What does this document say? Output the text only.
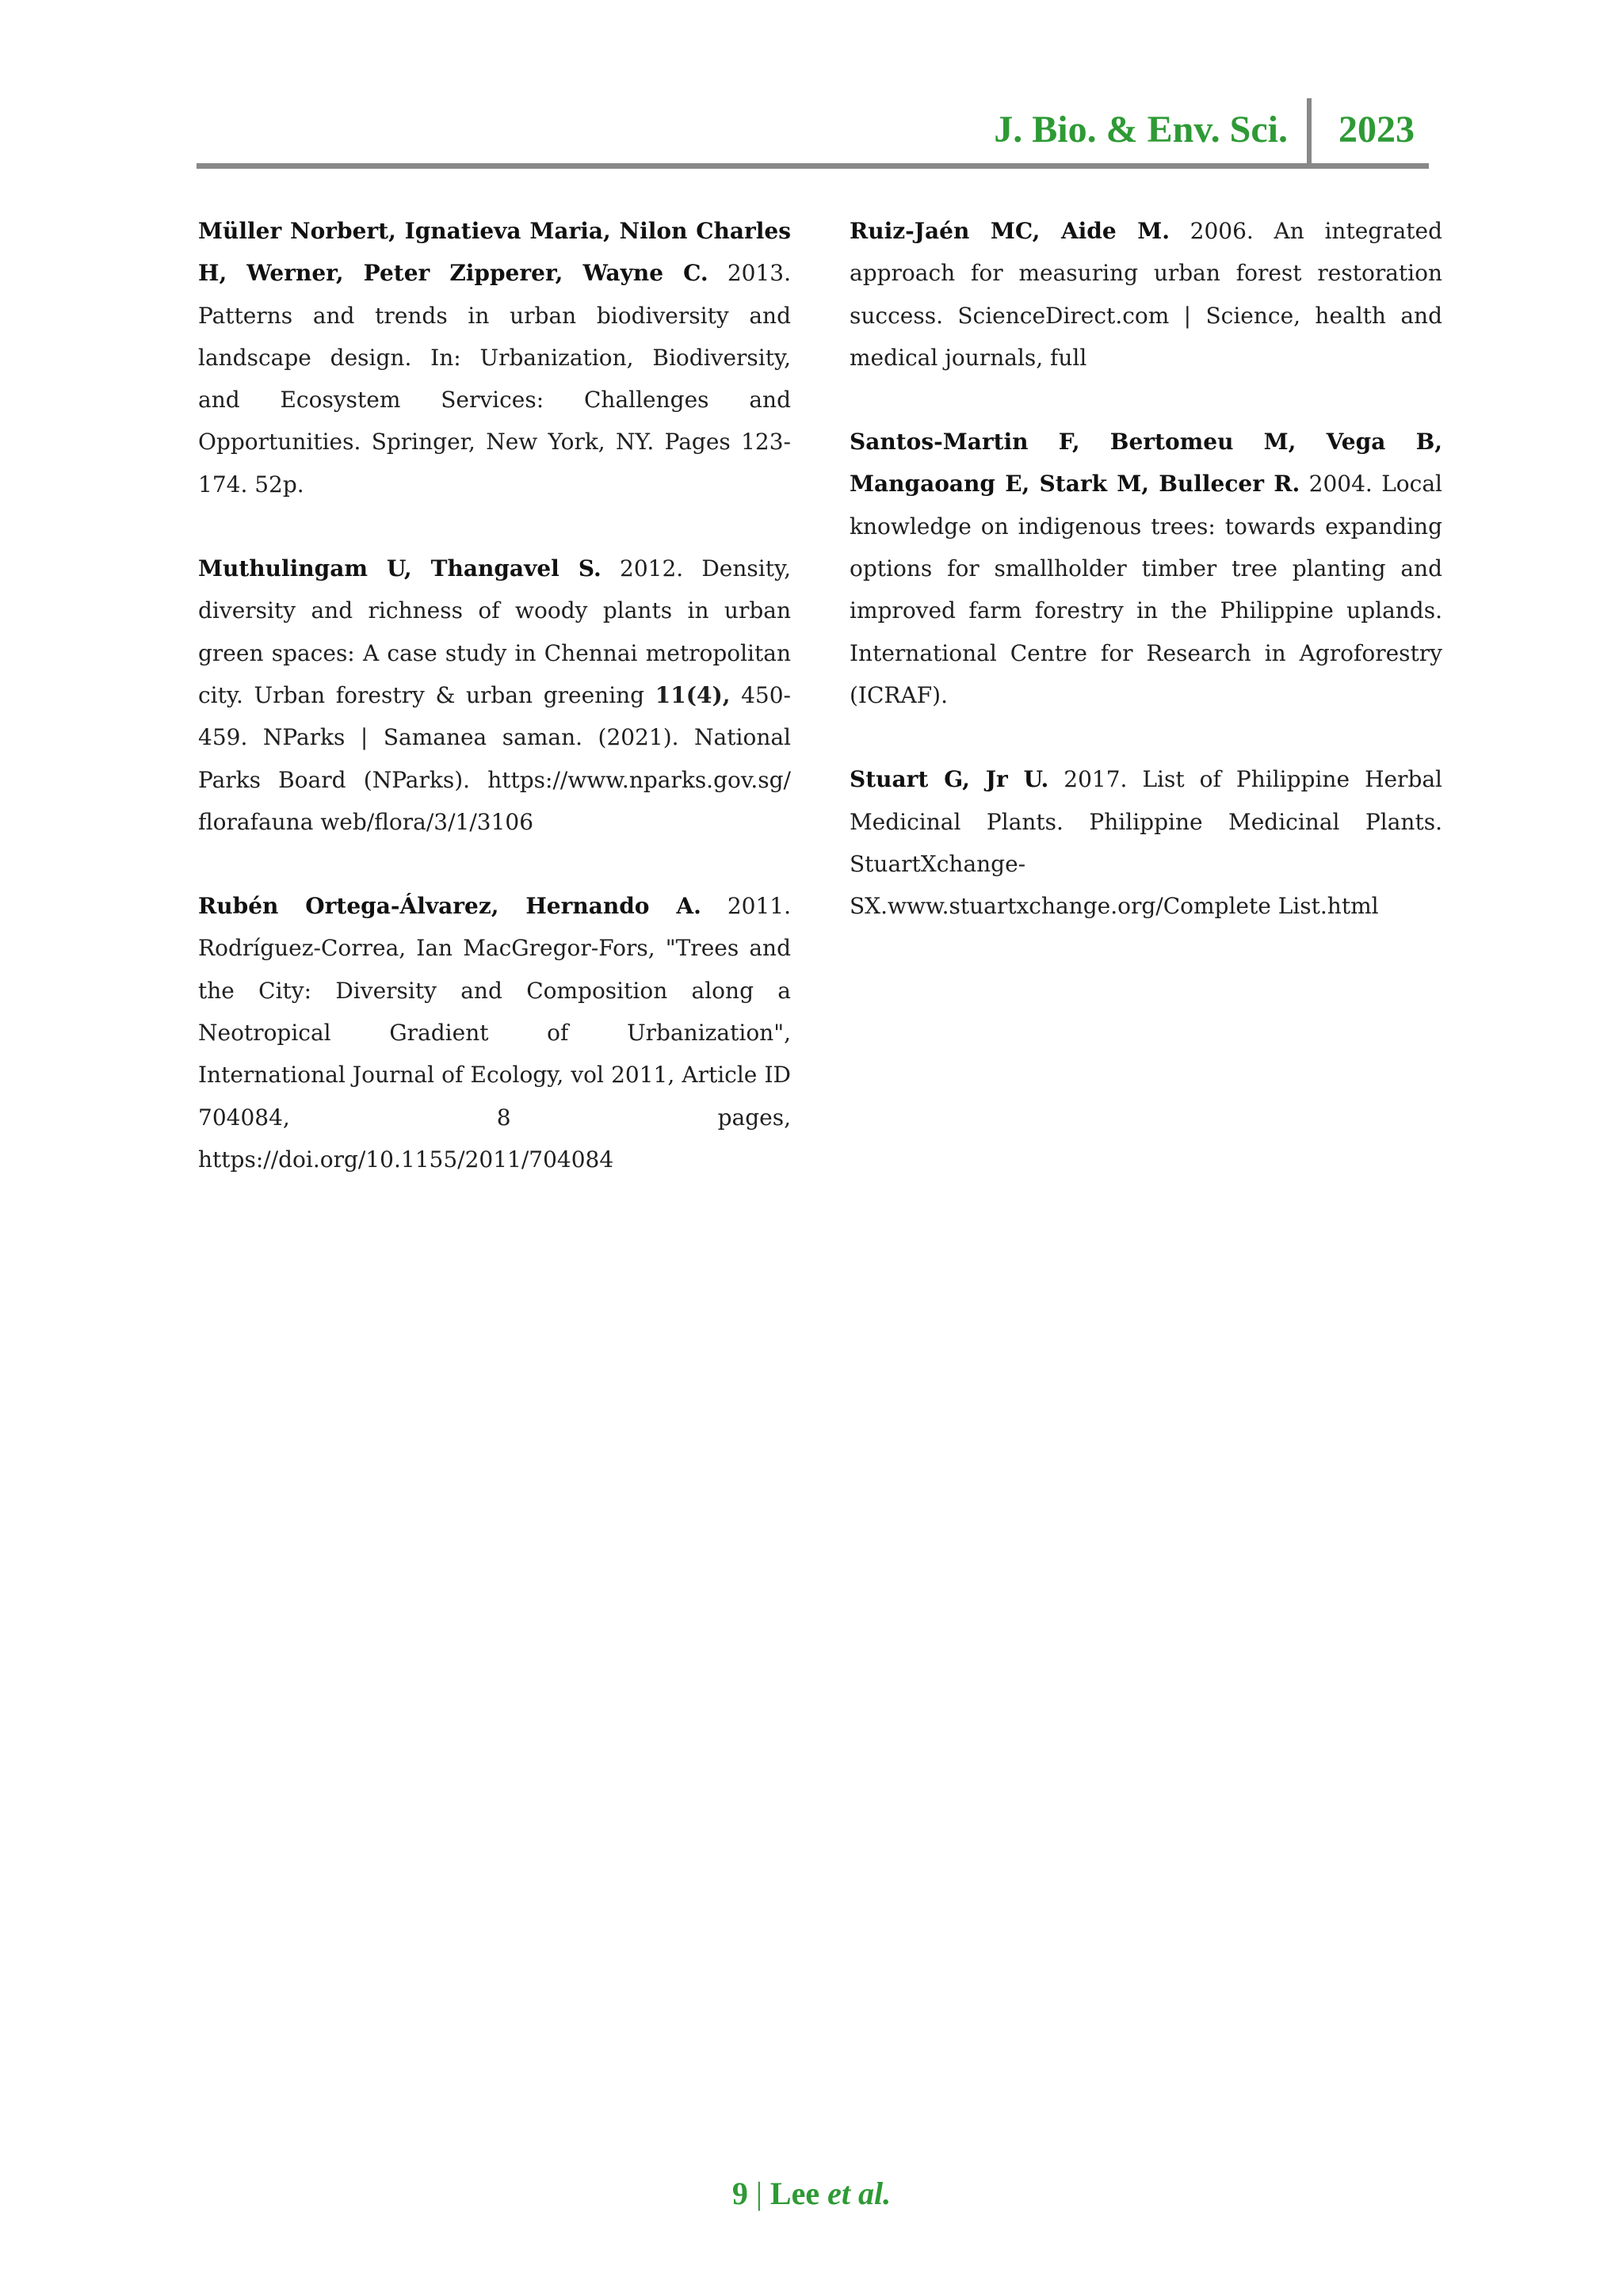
J. Bio. & Env. Sci. 2023

Müller Norbert, Ignatieva Maria, Nilon Charles H, Werner, Peter Zipperer, Wayne C. 2013. Patterns and trends in urban biodiversity and landscape design. In: Urbanization, Biodiversity, and Ecosystem Services: Challenges and Opportunities. Springer, New York, NY. Pages 123-174. 52p.

Muthulingam U, Thangavel S. 2012. Density, diversity and richness of woody plants in urban green spaces: A case study in Chennai metropolitan city. Urban forestry & urban greening 11(4), 450-459. NParks | Samanea saman. (2021). National Parks Board (NParks). https://www.nparks.gov.sg/ florafauna web/flora/3/1/3106

Rubén Ortega-Álvarez, Hernando A. 2011. Rodríguez-Correa, Ian MacGregor-Fors, "Trees and the City: Diversity and Composition along a Neotropical Gradient of Urbanization", International Journal of Ecology, vol 2011, Article ID 704084, 8 pages, https://doi.org/10.1155/2011/704084

Ruiz-Jaén MC, Aide M. 2006. An integrated approach for measuring urban forest restoration success. ScienceDirect.com | Science, health and medical journals, full

Santos-Martin F, Bertomeu M, Vega B, Mangaoang E, Stark M, Bullecer R. 2004. Local knowledge on indigenous trees: towards expanding options for smallholder timber tree planting and improved farm forestry in the Philippine uplands. International Centre for Research in Agroforestry (ICRAF).

Stuart G, Jr U. 2017. List of Philippine Herbal Medicinal Plants. Philippine Medicinal Plants. StuartXchange-SX.www.stuartxchange.org/Complete List.html

9 | Lee et al.
